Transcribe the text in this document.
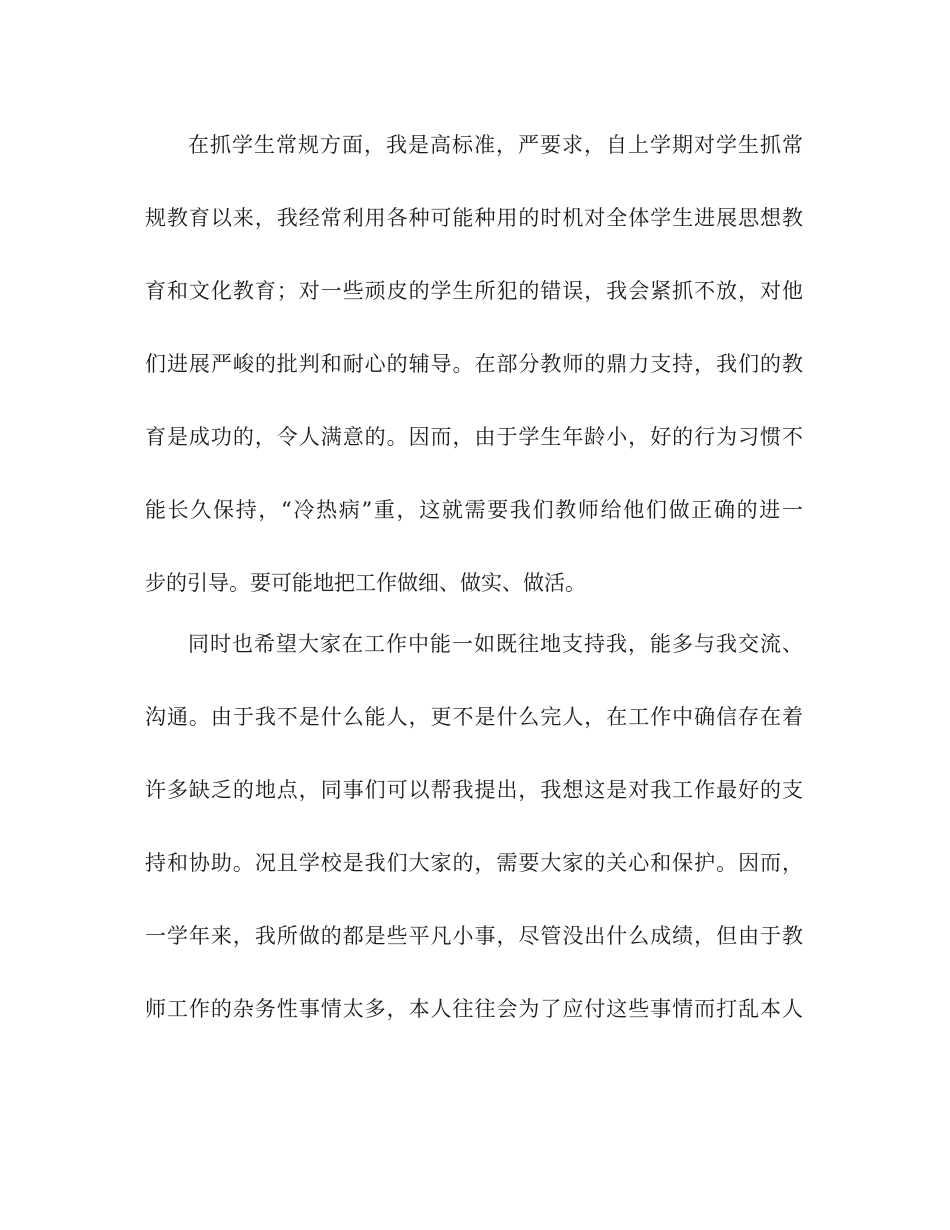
在抓学生常规方面，我是高标准，严要求，自上学期对学生抓常
规教育以来，我经常利用各种可能种用的时机对全体学生进展思想教
育和文化教育；对一些顽皮的学生所犯的错误，我会紧抓不放，对他
们进展严峻的批判和耐心的辅导。在部分教师的鼎力支持，我们的教
育是成功的，令人满意的。因而，由于学生年龄小，好的行为习惯不
能长久保持，“冷热病”重，这就需要我们教师给他们做正确的进一
步的引导。要可能地把工作做细、做实、做活。
同时也希望大家在工作中能一如既往地支持我，能多与我交流、
沟通。由于我不是什么能人，更不是什么完人，在工作中确信存在着
许多缺乏的地点，同事们可以帮我提出，我想这是对我工作最好的支
持和协助。况且学校是我们大家的，需要大家的关心和保护。因而，
一学年来，我所做的都是些平凡小事，尽管没出什么成绩，但由于教
师工作的杂务性事情太多，本人往往会为了应付这些事情而打乱本人
